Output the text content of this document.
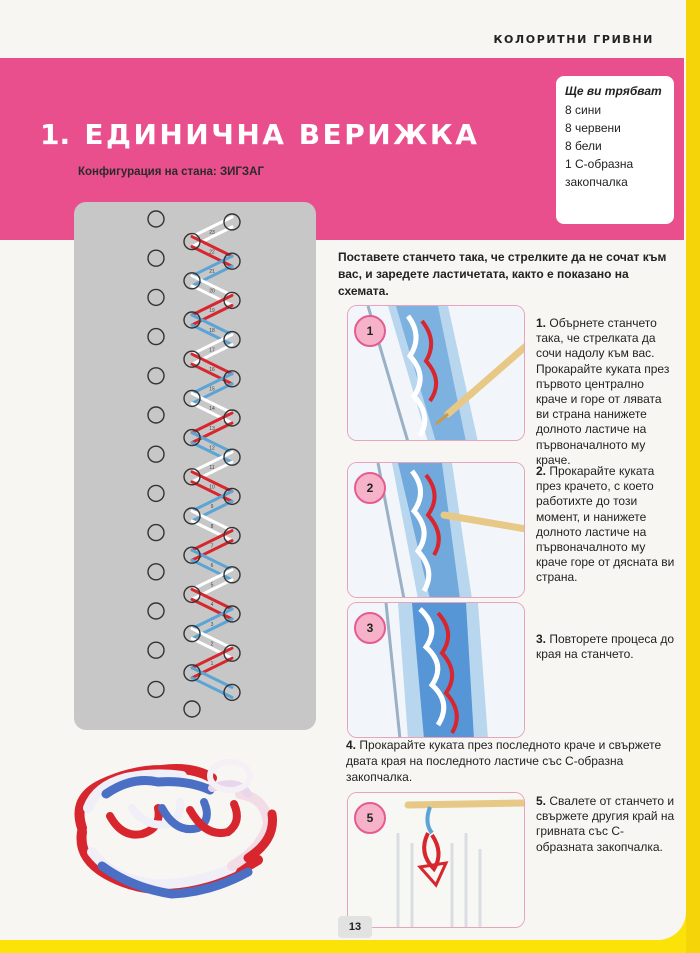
КОЛОРИТНИ ГРИВНИ
1. ЕДИНИЧНА ВЕРИЖКА
Конфигурация на стана: ЗИГЗАГ
Ще ви трябват
8 сини
8 червени
8 бели
1 С-образна закопчалка
23
22
21
20
19
18
17
16
15
14
13
12
11
10
9
8
7
6
5
4
3
2
1
Поставете станчето така, че стрелките да не сочат към вас, и заредете ластичетата, както е показано на схемата.
1
1. Обърнете станчето така, че стрелката да сочи надолу към вас. Прокарайте куката през първото централно краче и горе от лявата ви страна нанижете долното ластиче на първоначалното му краче.
2
2. Прокарайте куката през крачето, с което работихте до този момент, и нанижете долното ластиче на първоначалното му краче горе от дясната ви страна.
3
3. Повторете процеса до края на станчето.
4. Прокарайте куката през последното краче и свържете двата края на последното ластиче със С-образна закопчалка.
5
5. Свалете от станчето и свържете другия край на гривната със С-образната закопчалка.
13
